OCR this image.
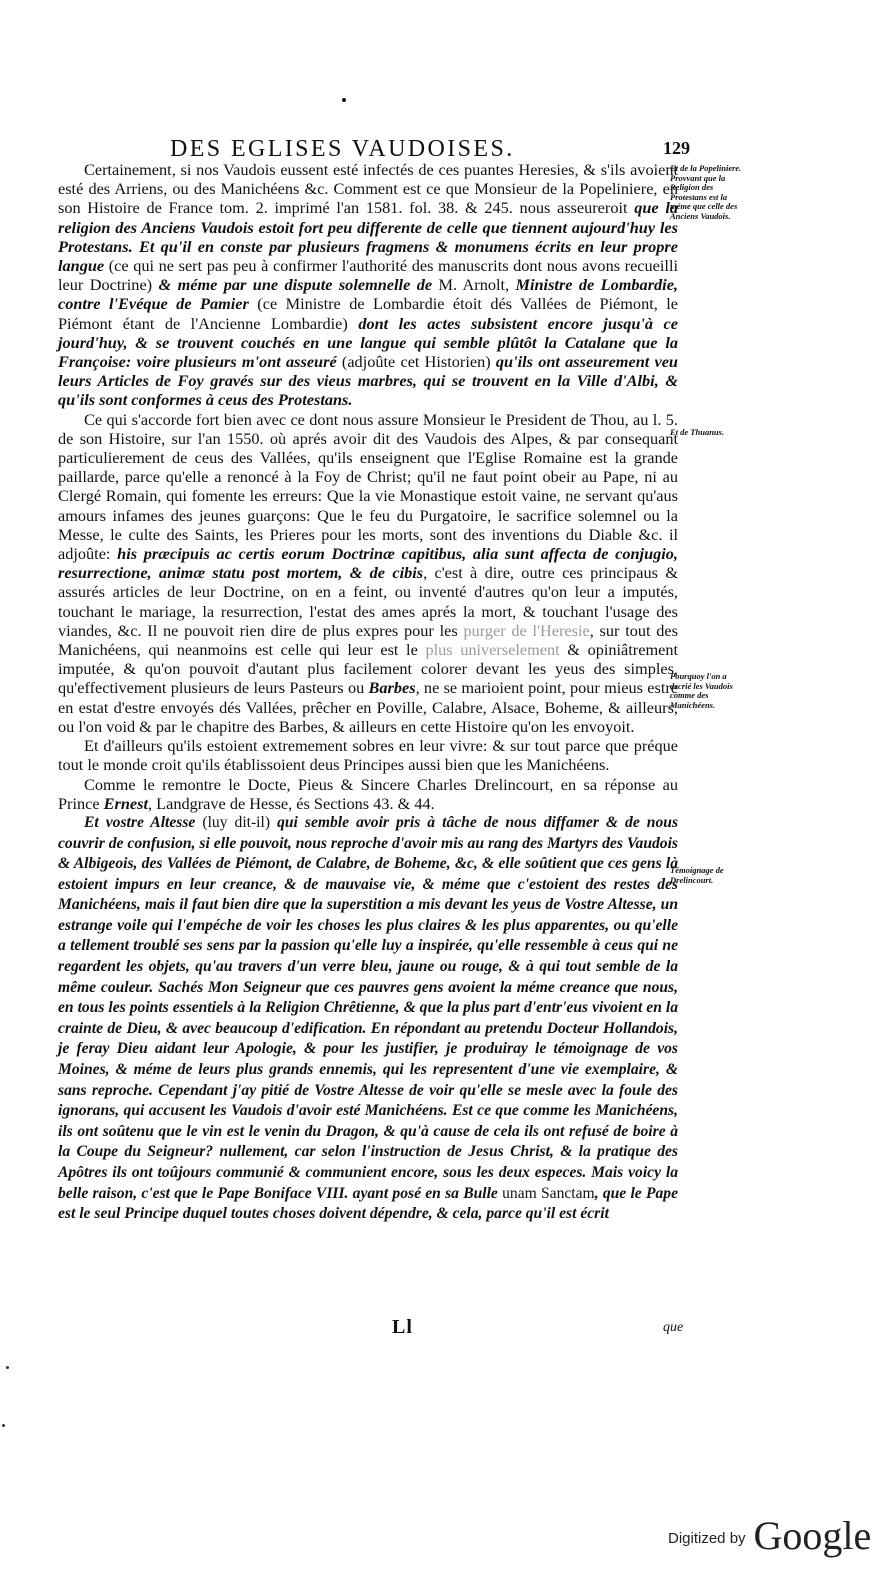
DES EGLISES VAUDOISES.	129

Certainement, si nos Vaudois eussent esté infectés de ces puantes Heresies, & s'ils avoient esté des Arriens, ou des Manichéens &c. Comment est ce que Monsieur de la Popeliniere, en son Histoire de France tom. 2. imprimé l'an 1581. fol. 38. & 245. nous asseureroit que la religion des Anciens Vaudois estoit fort peu differente de celle que tiennent aujourd'huy les Protestans. Et qu'il en conste par plusieurs fragmens & monumens écrits en leur propre langue (ce qui ne sert pas peu à confirmer l'authorité des manuscrits dont nous avons recueilli leur Doctrine) & méme par une dispute solemnelle de M. Arnolt, Ministre de Lombardie, contre l'Evéque de Pamier (ce Ministre de Lombardie étoit dés Vallées de Piémont, le Piémont étant de l'Ancienne Lombardie) dont les actes subsistent encore jusqu'à ce jourd'huy, & se trouvent couchés en une langue qui semble plûtôt la Catalane que la Françoise: voire plusieurs m'ont asseuré (adjoûte cet Historien) qu'ils ont asseurement veu leurs Articles de Foy gravés sur des vieus marbres, qui se trouvent en la Ville d'Albi, & qu'ils sont conformes à ceus des Protestans.

Ce qui s'accorde fort bien avec ce dont nous assure Monsieur le President de Thou, au l. 5. de son Histoire, sur l'an 1550. où aprés avoir dit des Vaudois des Alpes, & par consequant particulierement de ceus des Vallées, qu'ils enseignent que l'Eglise Romaine est la grande paillarde, parce qu'elle a renoncé à la Foy de Christ; qu'il ne faut point obeir au Pape, ni au Clergé Romain, qui fomente les erreurs: Que la vie Monastique estoit vaine, ne servant qu'aus amours infames des jeunes guarçons: Que le feu du Purgatoire, le sacrifice solemnel ou la Messe, le culte des Saints, les Prieres pour les morts, sont des inventions du Diable &c. il adjoûte: his præcipuis ac certis eorum Doctrinæ capitibus, alia sunt affecta de conjugio, resurrectione, animæ statu post mortem, & de cibis, c'est à dire, outre ces principaus & assurés articles de leur Doctrine, on en a feint, ou inventé d'autres qu'on leur a imputés, touchant le mariage, la resurrection, l'estat des ames aprés la mort, & touchant l'usage des viandes, &c. Il ne pouvoit rien dire de plus expres pour les purger de l'Heresie, sur tout des Manichéens, qui neanmoins est celle qui leur est le plus universelement & opiniâtrement imputée, & qu'on pouvoit d'autant plus facilement colorer devant les yeus des simples, qu'effectivement plusieurs de leurs Pasteurs ou Barbes, ne se marioient point, pour mieus estre en estat d'estre envoyés dés Vallées, prêcher en Poville, Calabre, Alsace, Boheme, & ailleurs, ou l'on void & par le chapitre des Barbes, & ailleurs en cette Histoire qu'on les envoyoit.

Et d'ailleurs qu'ils estoient extremement sobres en leur vivre: & sur tout parce que préque tout le monde croit qu'ils établissoient deus Principes aussi bien que les Manichéens.

Comme le remontre le Docte, Pieus & Sincere Charles Drelincourt, en sa réponse au Prince Ernest, Landgrave de Hesse, és Sections 43. & 44.

Et vostre Altesse (luy dit-il) qui semble avoir pris à tâche de nous diffamer & de nous couvrir de confusion, si elle pouvoit, nous reproche d'avoir mis au rang des Martyrs des Vaudois & Albigeois, des Vallées de Piémont, de Calabre, de Boheme, &c, & elle soûtient que ces gens là estoient impurs en leur creance, & de mauvaise vie, & méme que c'estoient des restes des Manichéens, mais il faut bien dire que la superstition a mis devant les yeus de Vostre Altesse, un estrange voile qui l'empéche de voir les choses les plus claires & les plus apparentes, ou qu'elle a tellement troublé ses sens par la passion qu'elle luy a inspirée, qu'elle ressemble à ceus qui ne regardent les objets, qu'au travers d'un verre bleu, jaune ou rouge, & à qui tout semble de la même couleur. Sachés Mon Seigneur que ces pauvres gens avoient la méme creance que nous, en tous les points essentiels à la Religion Chrêtienne, & que la plus part d'entr'eus vivoient en la crainte de Dieu, & avec beaucoup d'edification. En répondant au pretendu Docteur Hollandois, je feray Dieu aidant leur Apologie, & pour les justifier, je produiray le témoignage de vos Moines, & méme de leurs plus grands ennemis, qui les representent d'une vie exemplaire, & sans reproche. Cependant j'ay pitié de Vostre Altesse de voir qu'elle se mesle avec la foule des ignorans, qui accusent les Vaudois d'avoir esté Manichéens. Est ce que comme les Manichéens, ils ont soûtenu que le vin est le venin du Dragon, & qu'à cause de cela ils ont refusé de boire à la Coupe du Seigneur? nullement, car selon l'instruction de Jesus Christ, & la pratique des Apôtres ils ont toûjours communié & communient encore, sous les deux especes. Mais voicy la belle raison, c'est que le Pape Boniface VIII. ayant posé en sa Bulle unam Sanctam, que le Pape est le seul Principe duquel toutes choses doivent dépendre, & cela, parce qu'il est écrit

Et de la Popeliniere. Provvant que la Religion des Protestans est la méme que celle des Anciens Vaudois.
Et de Thuanus.
Pourquoy l'on a decrié les Vaudois comme des Manichéens.
Témoignage de Drelincourt.
Ll	que
Digitized by Google
